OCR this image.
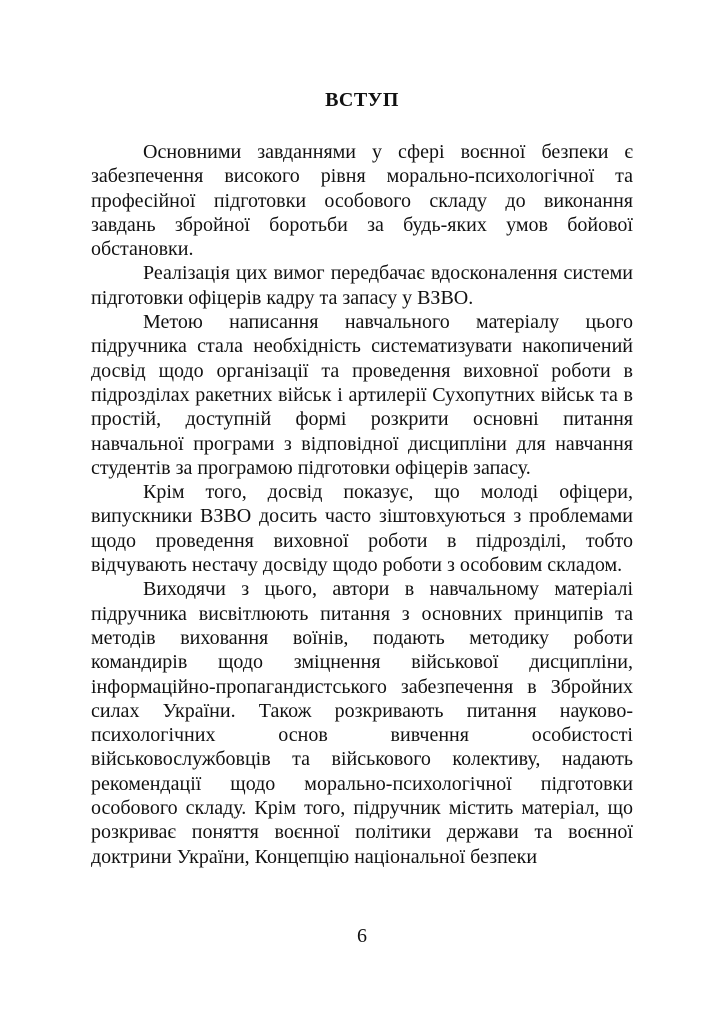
ВСТУП

Основними завданнями у сфері воєнної безпеки є забезпечення високого рівня морально-психологічної та професійної підготовки особового складу до виконання завдань збройної боротьби за будь-яких умов бойової обстановки.

Реалізація цих вимог передбачає вдосконалення системи підготовки офіцерів кадру та запасу у ВЗВО.

Метою написання навчального матеріалу цього підручника стала необхідність систематизувати накопичений досвід щодо організації та проведення виховної роботи в підрозділах ракетних військ і артилерії Сухопутних військ та в простій, доступній формі розкрити основні питання навчальної програми з відповідної дисципліни для навчання студентів за програмою підготовки офіцерів запасу.

Крім того, досвід показує, що молоді офіцери, випускники ВЗВО досить часто зіштовхуються з проблемами щодо проведення виховної роботи в підрозділі, тобто відчувають нестачу досвіду щодо роботи з особовим складом.

Виходячи з цього, автори в навчальному матеріалі підручника висвітлюють питання з основних принципів та методів виховання воїнів, подають методику роботи командирів щодо зміцнення військової дисципліни, інформаційно-пропагандистського забезпечення в Збройних силах України. Також розкривають питання науково-психологічних основ вивчення особистості військовослужбовців та військового колективу, надають рекомендації щодо морально-психологічної підготовки особового складу. Крім того, підручник містить матеріал, що розкриває поняття воєнної політики держави та воєнної доктрини України, Концепцію національної безпеки

6
